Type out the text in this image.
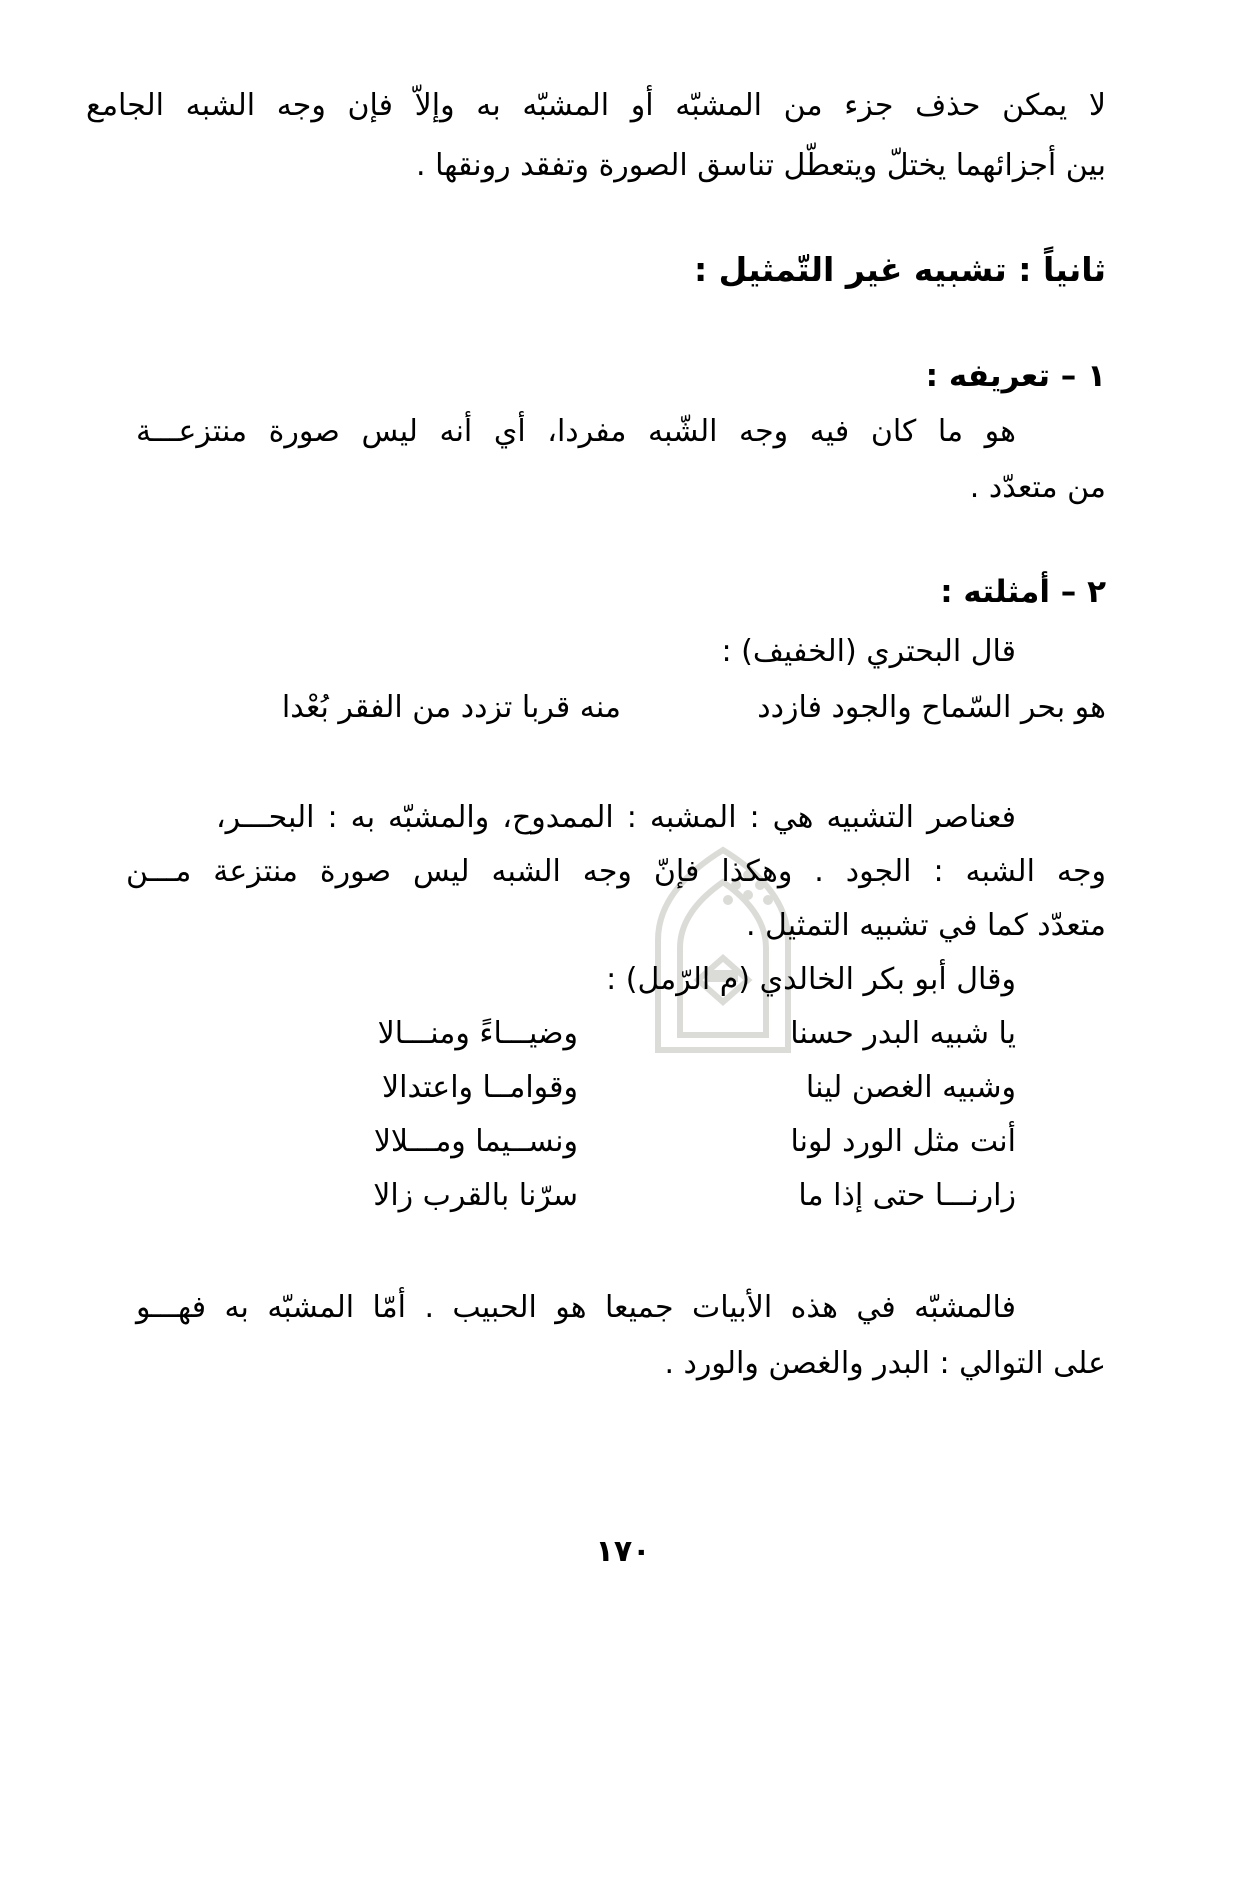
لا يمكن حذف جزء من المشبّه أو المشبّه به وإلاّ فإن وجه الشبه الجامع
بين أجزائهما يختلّ ويتعطّل تناسق الصورة وتفقد رونقها .
ثانياً : تشبيه غير التّمثيل :
١ – تعريفه :
هو ما كان فيه وجه الشّبه مفردا، أي أنه ليس صورة منتزعـــة
من متعدّد .
٢ – أمثلته :
قال البحتري (الخفيف) :
هو بحر السّماح والجود فازدد
منه قربا تزدد من الفقر بُعْدا
فعناصر التشبيه هي : المشبه : الممدوح، والمشبّه به : البحـــر،
وجه الشبه : الجود . وهكذا فإنّ وجه الشبه ليس صورة منتزعة مـــن
متعدّد كما في تشبيه التمثيل .
وقال أبو بكر الخالدي (م الرّمل) :
يا شبيه البدر حسنا
وضيـــاءً ومنـــالا
وشبيه الغصن لينا
وقوامــا واعتدالا
أنت مثل الورد لونا
ونســيما ومـــلالا
زارنـــا حتى إذا ما
سرّنا بالقرب زالا
فالمشبّه في هذه الأبيات جميعا هو الحبيب . أمّا المشبّه به فهـــو
على التوالي : البدر والغصن والورد .
١٧٠
